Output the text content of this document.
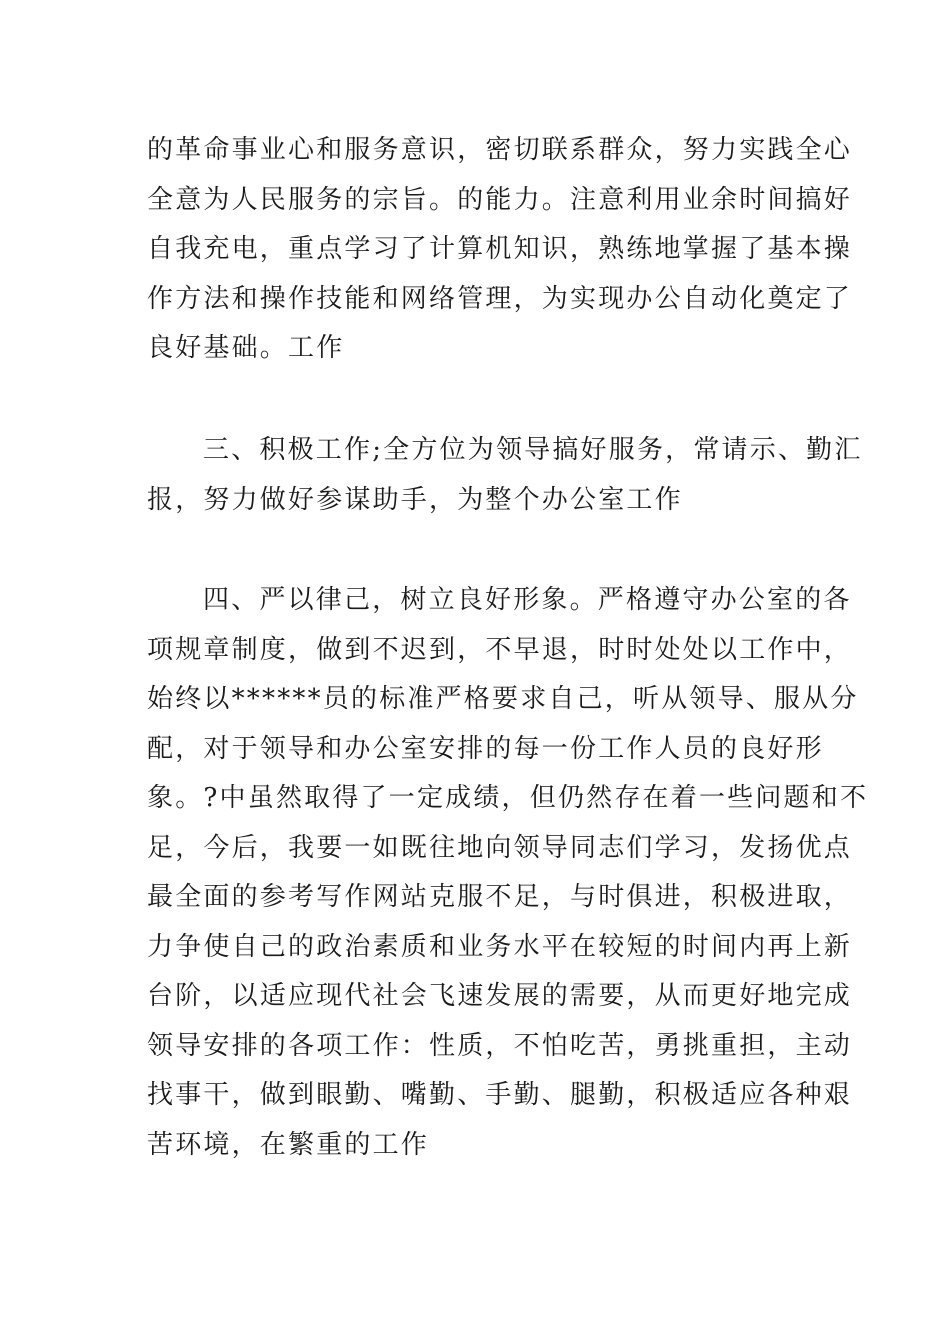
的革命事业心和服务意识，密切联系群众，努力实践全心
全意为人民服务的宗旨。的能力。注意利用业余时间搞好
自我充电，重点学习了计算机知识，熟练地掌握了基本操
作方法和操作技能和网络管理，为实现办公自动化奠定了
良好基础。工作
三、积极工作;全方位为领导搞好服务，常请示、勤汇
报，努力做好参谋助手，为整个办公室工作
四、严以律己，树立良好形象。严格遵守办公室的各
项规章制度，做到不迟到，不早退，时时处处以工作中，
始终以******员的标准严格要求自己，听从领导、服从分
配，对于领导和办公室安排的每一份工作人员的良好形
象。?中虽然取得了一定成绩，但仍然存在着一些问题和不
足，今后，我要一如既往地向领导同志们学习，发扬优点
最全面的参考写作网站克服不足，与时俱进，积极进取，
力争使自己的政治素质和业务水平在较短的时间内再上新
台阶，以适应现代社会飞速发展的需要，从而更好地完成
领导安排的各项工作：性质，不怕吃苦，勇挑重担，主动
找事干，做到眼勤、嘴勤、手勤、腿勤，积极适应各种艰
苦环境，在繁重的工作
